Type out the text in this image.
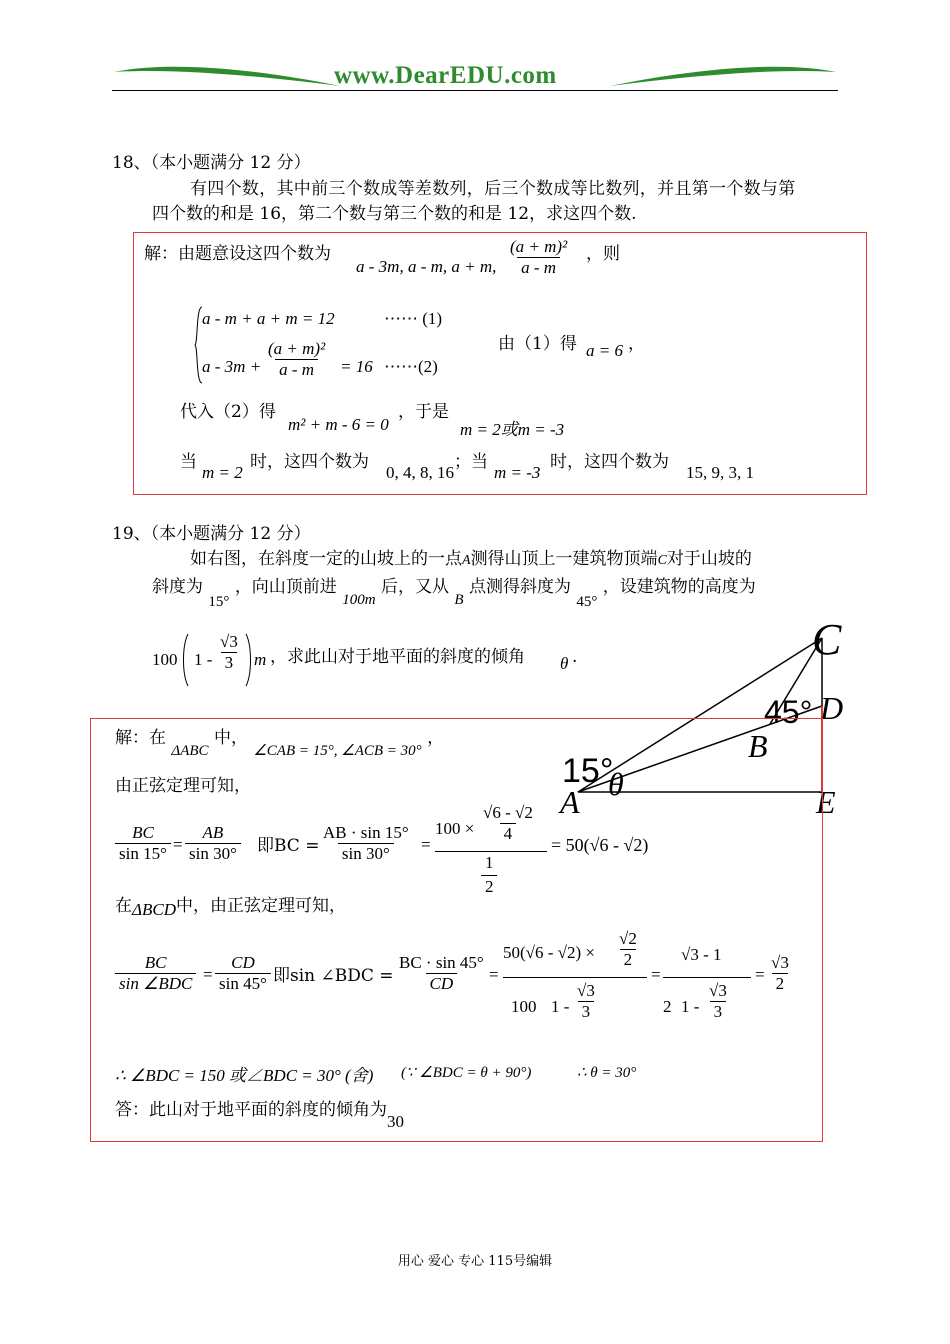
www.DearEDU.com
18、（本小题满分 12 分）
有四个数，其中前三个数成等差数列，后三个数成等比数列，并且第一个数与第
四个数的和是 16，第二个数与第三个数的和是 12，求这四个数.
解：由题意设这四个数为
a - 3m, a - m, a + m, $\frac{\text{(a + m)²}}{a - m}$ ，则
a - m + a + m = 12	⋯⋯ (1)
$a - 3m + \frac{\text{(a + m)²}}{a - m} = 16$ ⋯⋯(2)
由（1）得 a = 6 ，
代入（2）得
m² + m - 6 = 0
，于是
m = 2或m = -3
当
m = 2
时，这四个数为
0, 4, 8, 16
；当
m = -3
时，这四个数为
15, 9, 3, 1
19、（本小题满分 12 分）
如右图，在斜度一定的山坡上的一点A测得山顶上一建筑物顶端C对于山坡的
斜度为 15° ，向山顶前进 100m 后，又从 B 点测得斜度为 45° ，设建筑物的高度为
100 $1 - \frac{√3}{3}$ m ，求此山对于地平面的斜度的倾角 θ .	C
D
45°
B
15°
θ
A	E
解：在 ΔABC 中， ∠CAB = 15°, ∠ACB = 30° ，
由正弦定理可知，
$\frac{BC}{\sin 15^\circ} = \frac{AB}{\sin 30^\circ}$ 即BC = $\frac{AB \cdot \sin 15^\circ}{\sin 30^\circ}$ =
$100 \times \frac{√6 - √2}{4}$
1
2
= 50(√6 - √2)
在ΔBCD中，由正弦定理可知，
BC
sin ∠BDC = $\frac{CD}{\sin 45^\circ}$ 即sin ∠BDC = $\frac{BC \cdot \sin 45^\circ}{CD}$ =
$50(√6 - √2) \times \frac{√2}{2}$
100 $1 - \frac{√3}{3}$
=
√3 - 1
2 $1 - \frac{√3}{3}$
= $\frac{√3}{2}$
∴ ∠BDC = 150 或∠BDC = 30° (舍) (∵ ∠BDC = θ + 90°)	∴ θ = 30°
答：此山对于地平面的斜度的倾角为30
用心 爱心 专心 115号编辑
